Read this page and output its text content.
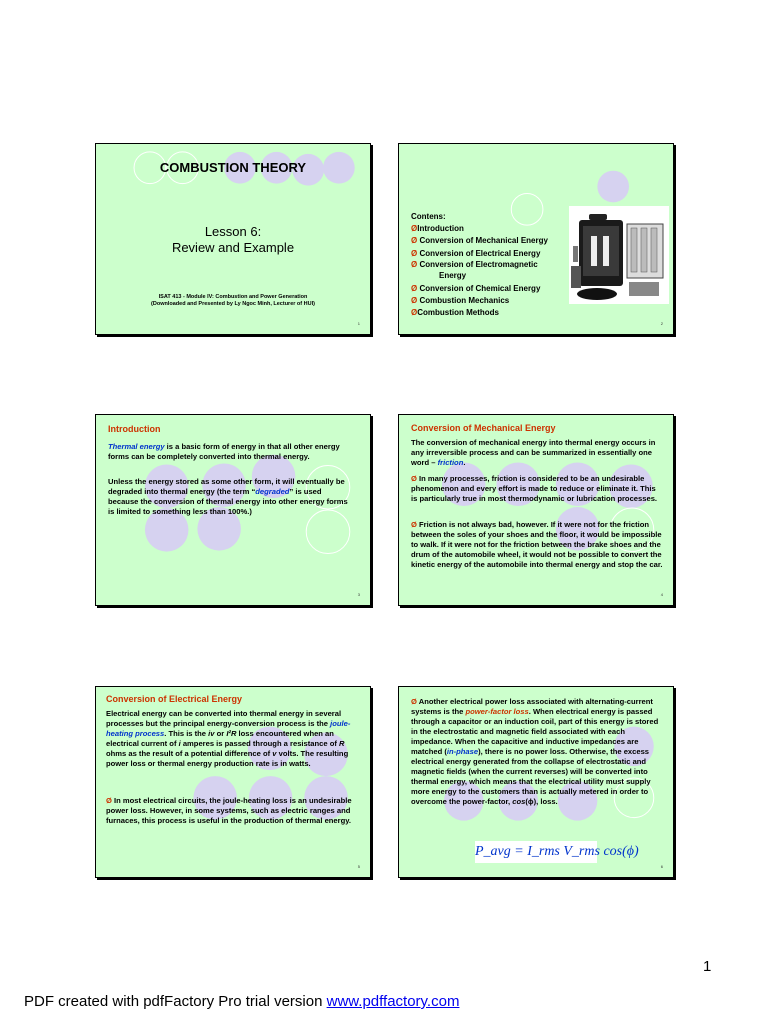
COMBUSTION THEORY
Lesson 6:
Review and Example
ISAT 413 - Module IV: Combustion and Power Generation
(Downloaded and Presented by Ly Ngoc Minh, Lecturer of HUI)
1
Contens:
ØIntroduction
Ø Conversion of Mechanical Energy
Ø Conversion of Electrical Energy
Ø Conversion of Electromagnetic
Energy
Ø Conversion of Chemical Energy
Ø Combustion Mechanics
ØCombustion Methods
2
Introduction

Thermal energy is a basic form of energy in that all other energy forms can be completely converted into thermal energy.

Unless the energy stored as some other form, it will eventually be degraded into thermal energy (the term “degraded” is used because the conversion of thermal energy into other energy forms is limited to something less than 100%.)

3
Conversion of Mechanical Energy

The conversion of mechanical energy into thermal energy occurs in any irreversible process and can be summarized in essentially one word – friction.

Ø In many processes, friction is considered to be an undesirable phenomenon and every effort is made to reduce or eliminate it. This is particularly true in most thermodynamic or lubrication processes.

Ø Friction is not always bad, however. If it were not for the friction between the soles of your shoes and the floor, it would be impossible to walk. If it were not for the friction between the brake shoes and the drum of the automobile wheel, it would not be possible to convert the kinetic energy of the automobile into thermal energy and stop the car.

4
Conversion of Electrical Energy

Electrical energy can be converted into thermal energy in several processes but the principal energy-conversion process is the joule-heating process. This is the iv or I²R loss encountered when an electrical current of i amperes is passed through a resistance of R ohms as the result of a potential difference of v volts. The resulting power loss or thermal energy production rate is in watts.

Ø In most electrical circuits, the joule-heating loss is an undesirable power loss. However, in some systems, such as electric ranges and furnaces, this process is useful in the production of thermal energy.

5

Ø Another electrical power loss associated with alternating-current systems is the power-factor loss. When electrical energy is passed through a capacitor or an induction coil, part of this energy is stored in the electrostatic and magnetic field associated with each impedance. When the capacitive and inductive impedances are matched (in-phase), there is no power loss. Otherwise, the excess electrical energy generated from the collapse of electrostatic and magnetic fields (when the current reverses) will be converted into thermal energy, which means that the electrical utility must supply more energy to the customers than is actually metered in order to overcome the power-factor, cos(ϕ), loss.

P_avg = I_rms V_rms cos(ϕ)
6
1
PDF created with pdfFactory Pro trial version www.pdffactory.com
